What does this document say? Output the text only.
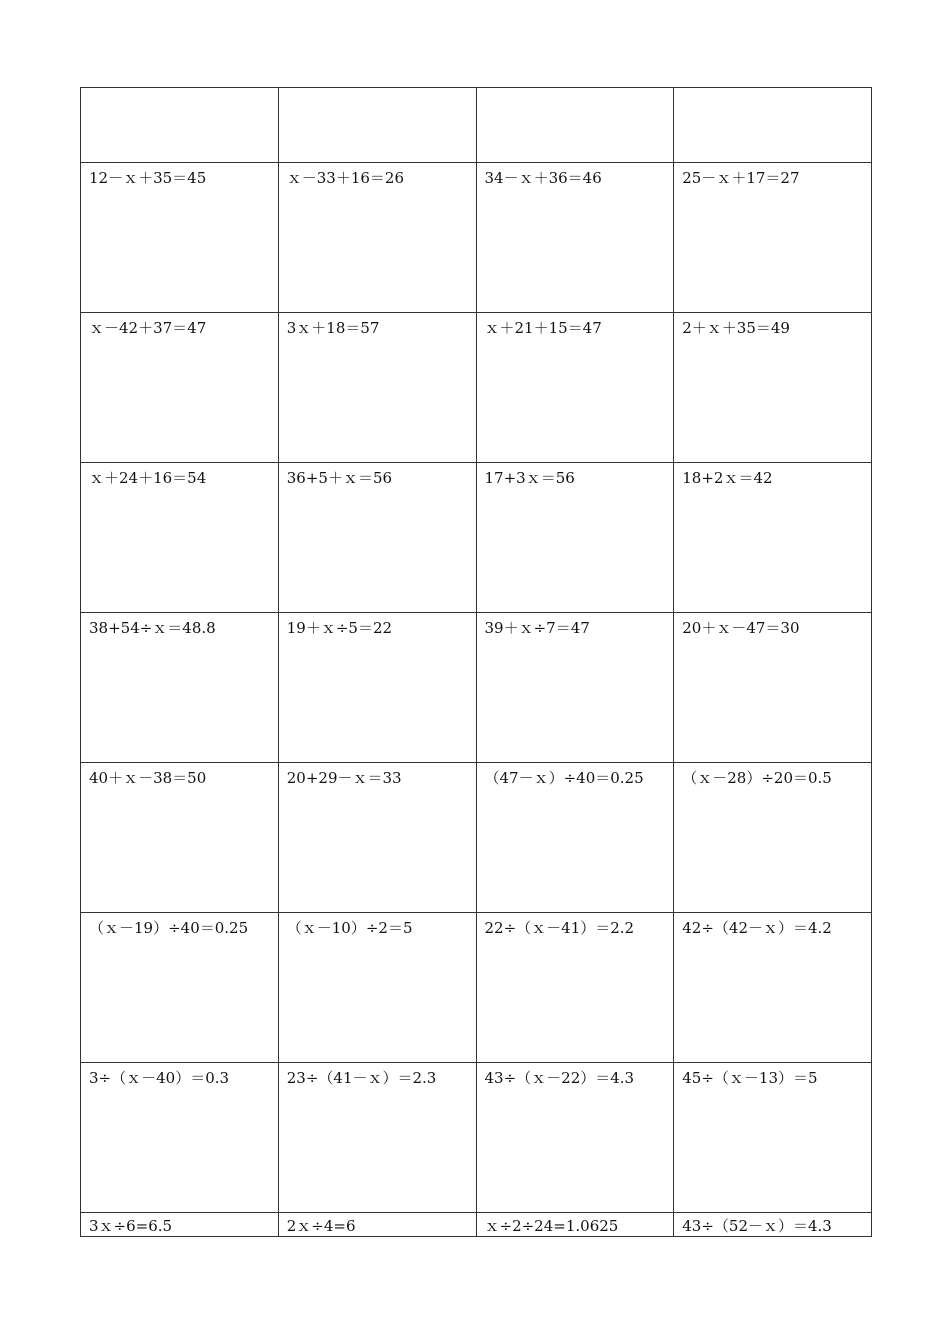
12－ｘ＋35＝45	ｘ－33＋16＝26	34－ｘ＋36＝46	25－ｘ＋17＝27
ｘ－42＋37＝47	3ｘ＋18＝57	ｘ＋21＋15＝47	2＋ｘ＋35＝49
ｘ＋24＋16＝54	36+5＋ｘ＝56	17+3ｘ＝56	18+2ｘ＝42
38+54÷ｘ＝48.8	19＋ｘ÷5＝22	39＋ｘ÷7＝47	20＋ｘ－47＝30
40＋ｘ－38＝50	20+29－ｘ＝33	（47－ｘ）÷40＝0.25	（ｘ－28）÷20＝0.5
（ｘ－19）÷40＝0.25	（ｘ－10）÷2＝5	22÷（ｘ－41）＝2.2	42÷（42－ｘ）＝4.2
3÷（ｘ－40）＝0.3	23÷（41－ｘ）＝2.3	43÷（ｘ－22）＝4.3	45÷（ｘ－13）＝5
3ｘ÷6=6.5	2ｘ÷4=6	ｘ÷2÷24=1.0625	43÷（52－ｘ）＝4.3
